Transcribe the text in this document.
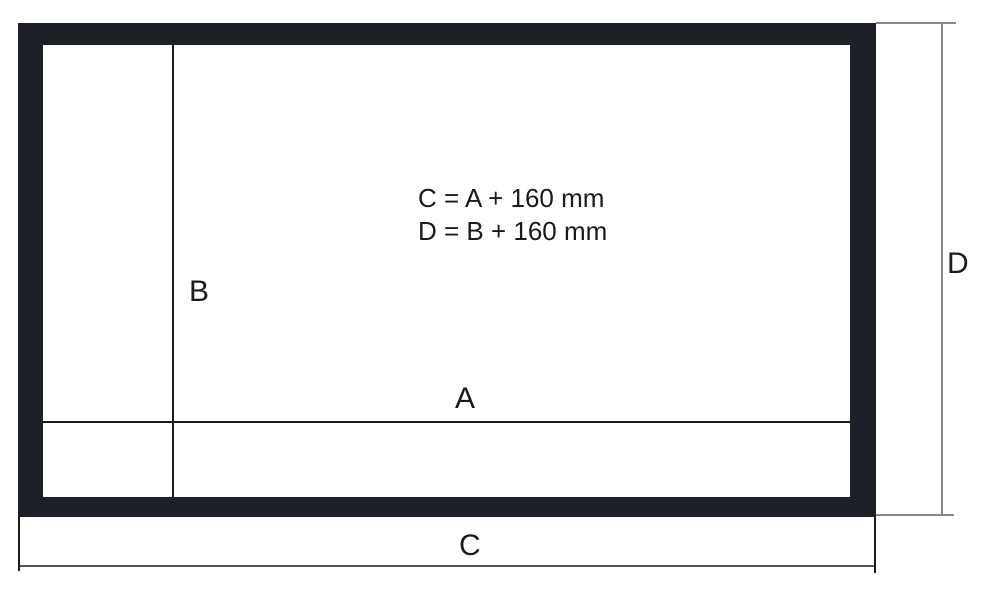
C = A + 160 mm
D = B + 160 mm
B
A
C
D
